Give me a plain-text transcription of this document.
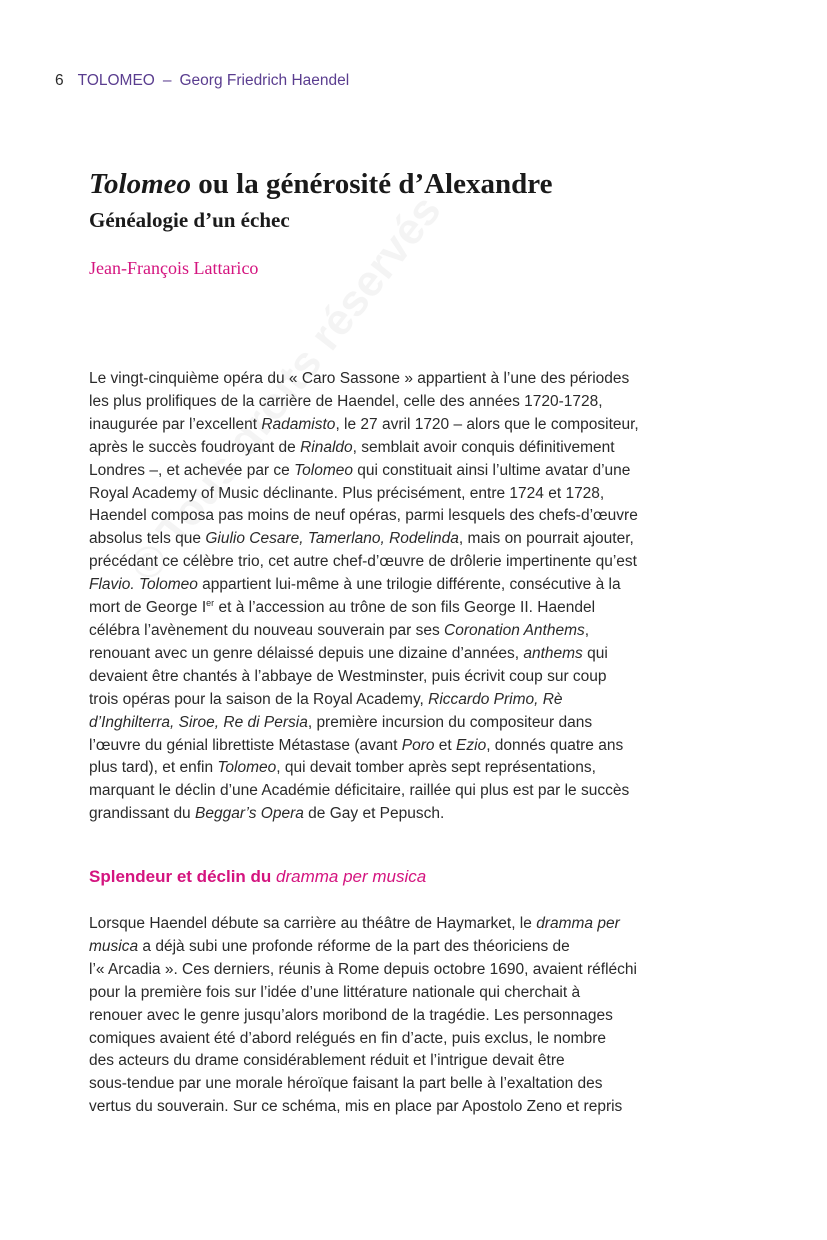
6 TOLOMEO – Georg Friedrich Haendel
Tolomeo ou la générosité d’Alexandre
Généalogie d’un échec
Jean-François Lattarico
Le vingt-cinquième opéra du « Caro Sassone » appartient à l’une des périodes
les plus prolifiques de la carrière de Haendel, celle des années 1720-1728,
inaugurée par l’excellent Radamisto, le 27 avril 1720 – alors que le compositeur,
après le succès foudroyant de Rinaldo, semblait avoir conquis définitivement
Londres –, et achevée par ce Tolomeo qui constituait ainsi l’ultime avatar d’une
Royal Academy of Music déclinante. Plus précisément, entre 1724 et 1728,
Haendel composa pas moins de neuf opéras, parmi lesquels des chefs-d’œuvre
absolus tels que Giulio Cesare, Tamerlano, Rodelinda, mais on pourrait ajouter,
précédant ce célèbre trio, cet autre chef-d’œuvre de drôlerie impertinente qu’est
Flavio. Tolomeo appartient lui-même à une trilogie différente, consécutive à la
mort de George Ier et à l’accession au trône de son fils George II. Haendel
célébra l’avènement du nouveau souverain par ses Coronation Anthems,
renouant avec un genre délaissé depuis une dizaine d’années, anthems qui
devaient être chantés à l’abbaye de Westminster, puis écrivit coup sur coup
trois opéras pour la saison de la Royal Academy, Riccardo Primo, Rè
d’Inghilterra, Siroe, Re di Persia, première incursion du compositeur dans
l’œuvre du génial librettiste Métastase (avant Poro et Ezio, donnés quatre ans
plus tard), et enfin Tolomeo, qui devait tomber après sept représentations,
marquant le déclin d’une Académie déficitaire, raillée qui plus est par le succès
grandissant du Beggar’s Opera de Gay et Pepusch.
Splendeur et déclin du dramma per musica
Lorsque Haendel débute sa carrière au théâtre de Haymarket, le dramma per
musica a déjà subi une profonde réforme de la part des théoriciens de
l’« Arcadia ». Ces derniers, réunis à Rome depuis octobre 1690, avaient réfléchi
pour la première fois sur l’idée d’une littérature nationale qui cherchait à
renouer avec le genre jusqu’alors moribond de la tragédie. Les personnages
comiques avaient été d’abord relégués en fin d’acte, puis exclus, le nombre
des acteurs du drame considérablement réduit et l’intrigue devait être
sous-tendue par une morale héroïque faisant la part belle à l’exaltation des
vertus du souverain. Sur ce schéma, mis en place par Apostolo Zeno et repris
